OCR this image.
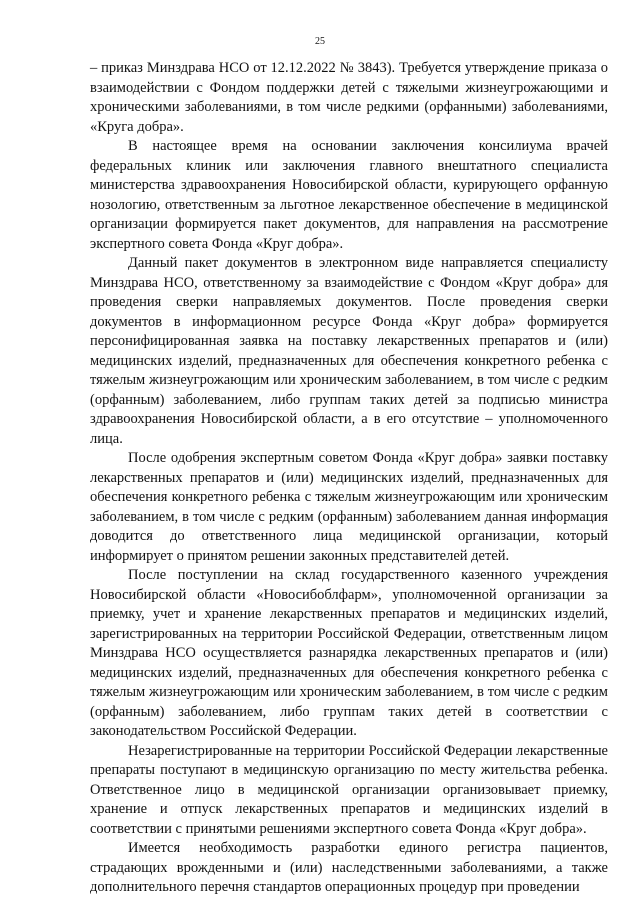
25

– приказ Минздрава НСО от 12.12.2022 № 3843). Требуется утверждение приказа о взаимодействии с Фондом поддержки детей с тяжелыми жизнеугрожающими и хроническими заболеваниями, в том числе редкими (орфанными) заболеваниями, «Круга добра».

В настоящее время на основании заключения консилиума врачей федеральных клиник или заключения главного внештатного специалиста министерства здравоохранения Новосибирской области, курирующего орфанную нозологию, ответственным за льготное лекарственное обеспечение в медицинской организации формируется пакет документов, для направления на рассмотрение экспертного совета Фонда «Круг добра».

Данный пакет документов в электронном виде направляется специалисту Минздрава НСО, ответственному за взаимодействие с Фондом «Круг добра» для проведения сверки направляемых документов. После проведения сверки документов в информационном ресурсе Фонда «Круг добра» формируется персонифицированная заявка на поставку лекарственных препаратов и (или) медицинских изделий, предназначенных для обеспечения конкретного ребенка с тяжелым жизнеугрожающим или хроническим заболеванием, в том числе с редким (орфанным) заболеванием, либо группам таких детей за подписью министра здравоохранения Новосибирской области, а в его отсутствие – уполномоченного лица.

После одобрения экспертным советом Фонда «Круг добра» заявки поставку лекарственных препаратов и (или) медицинских изделий, предназначенных для обеспечения конкретного ребенка с тяжелым жизнеугрожающим или хроническим заболеванием, в том числе с редким (орфанным) заболеванием данная информация доводится до ответственного лица медицинской организации, который информирует о принятом решении законных представителей детей.

После поступлении на склад государственного казенного учреждения Новосибирской области «Новосибоблфарм», уполномоченной организации за приемку, учет и хранение лекарственных препаратов и медицинских изделий, зарегистрированных на территории Российской Федерации, ответственным лицом Минздрава НСО осуществляется разнарядка лекарственных препаратов и (или) медицинских изделий, предназначенных для обеспечения конкретного ребенка с тяжелым жизнеугрожающим или хроническим заболеванием, в том числе с редким (орфанным) заболеванием, либо группам таких детей в соответствии с законодательством Российской Федерации.

Незарегистрированные на территории Российской Федерации лекарственные препараты поступают в медицинскую организацию по месту жительства ребенка. Ответственное лицо в медицинской организации организовывает приемку, хранение и отпуск лекарственных препаратов и медицинских изделий в соответствии с принятыми решениями экспертного совета Фонда «Круг добра».

Имеется необходимость разработки единого регистра пациентов, страдающих врожденными и (или) наследственными заболеваниями, а также дополнительного перечня стандартов операционных процедур при проведении
